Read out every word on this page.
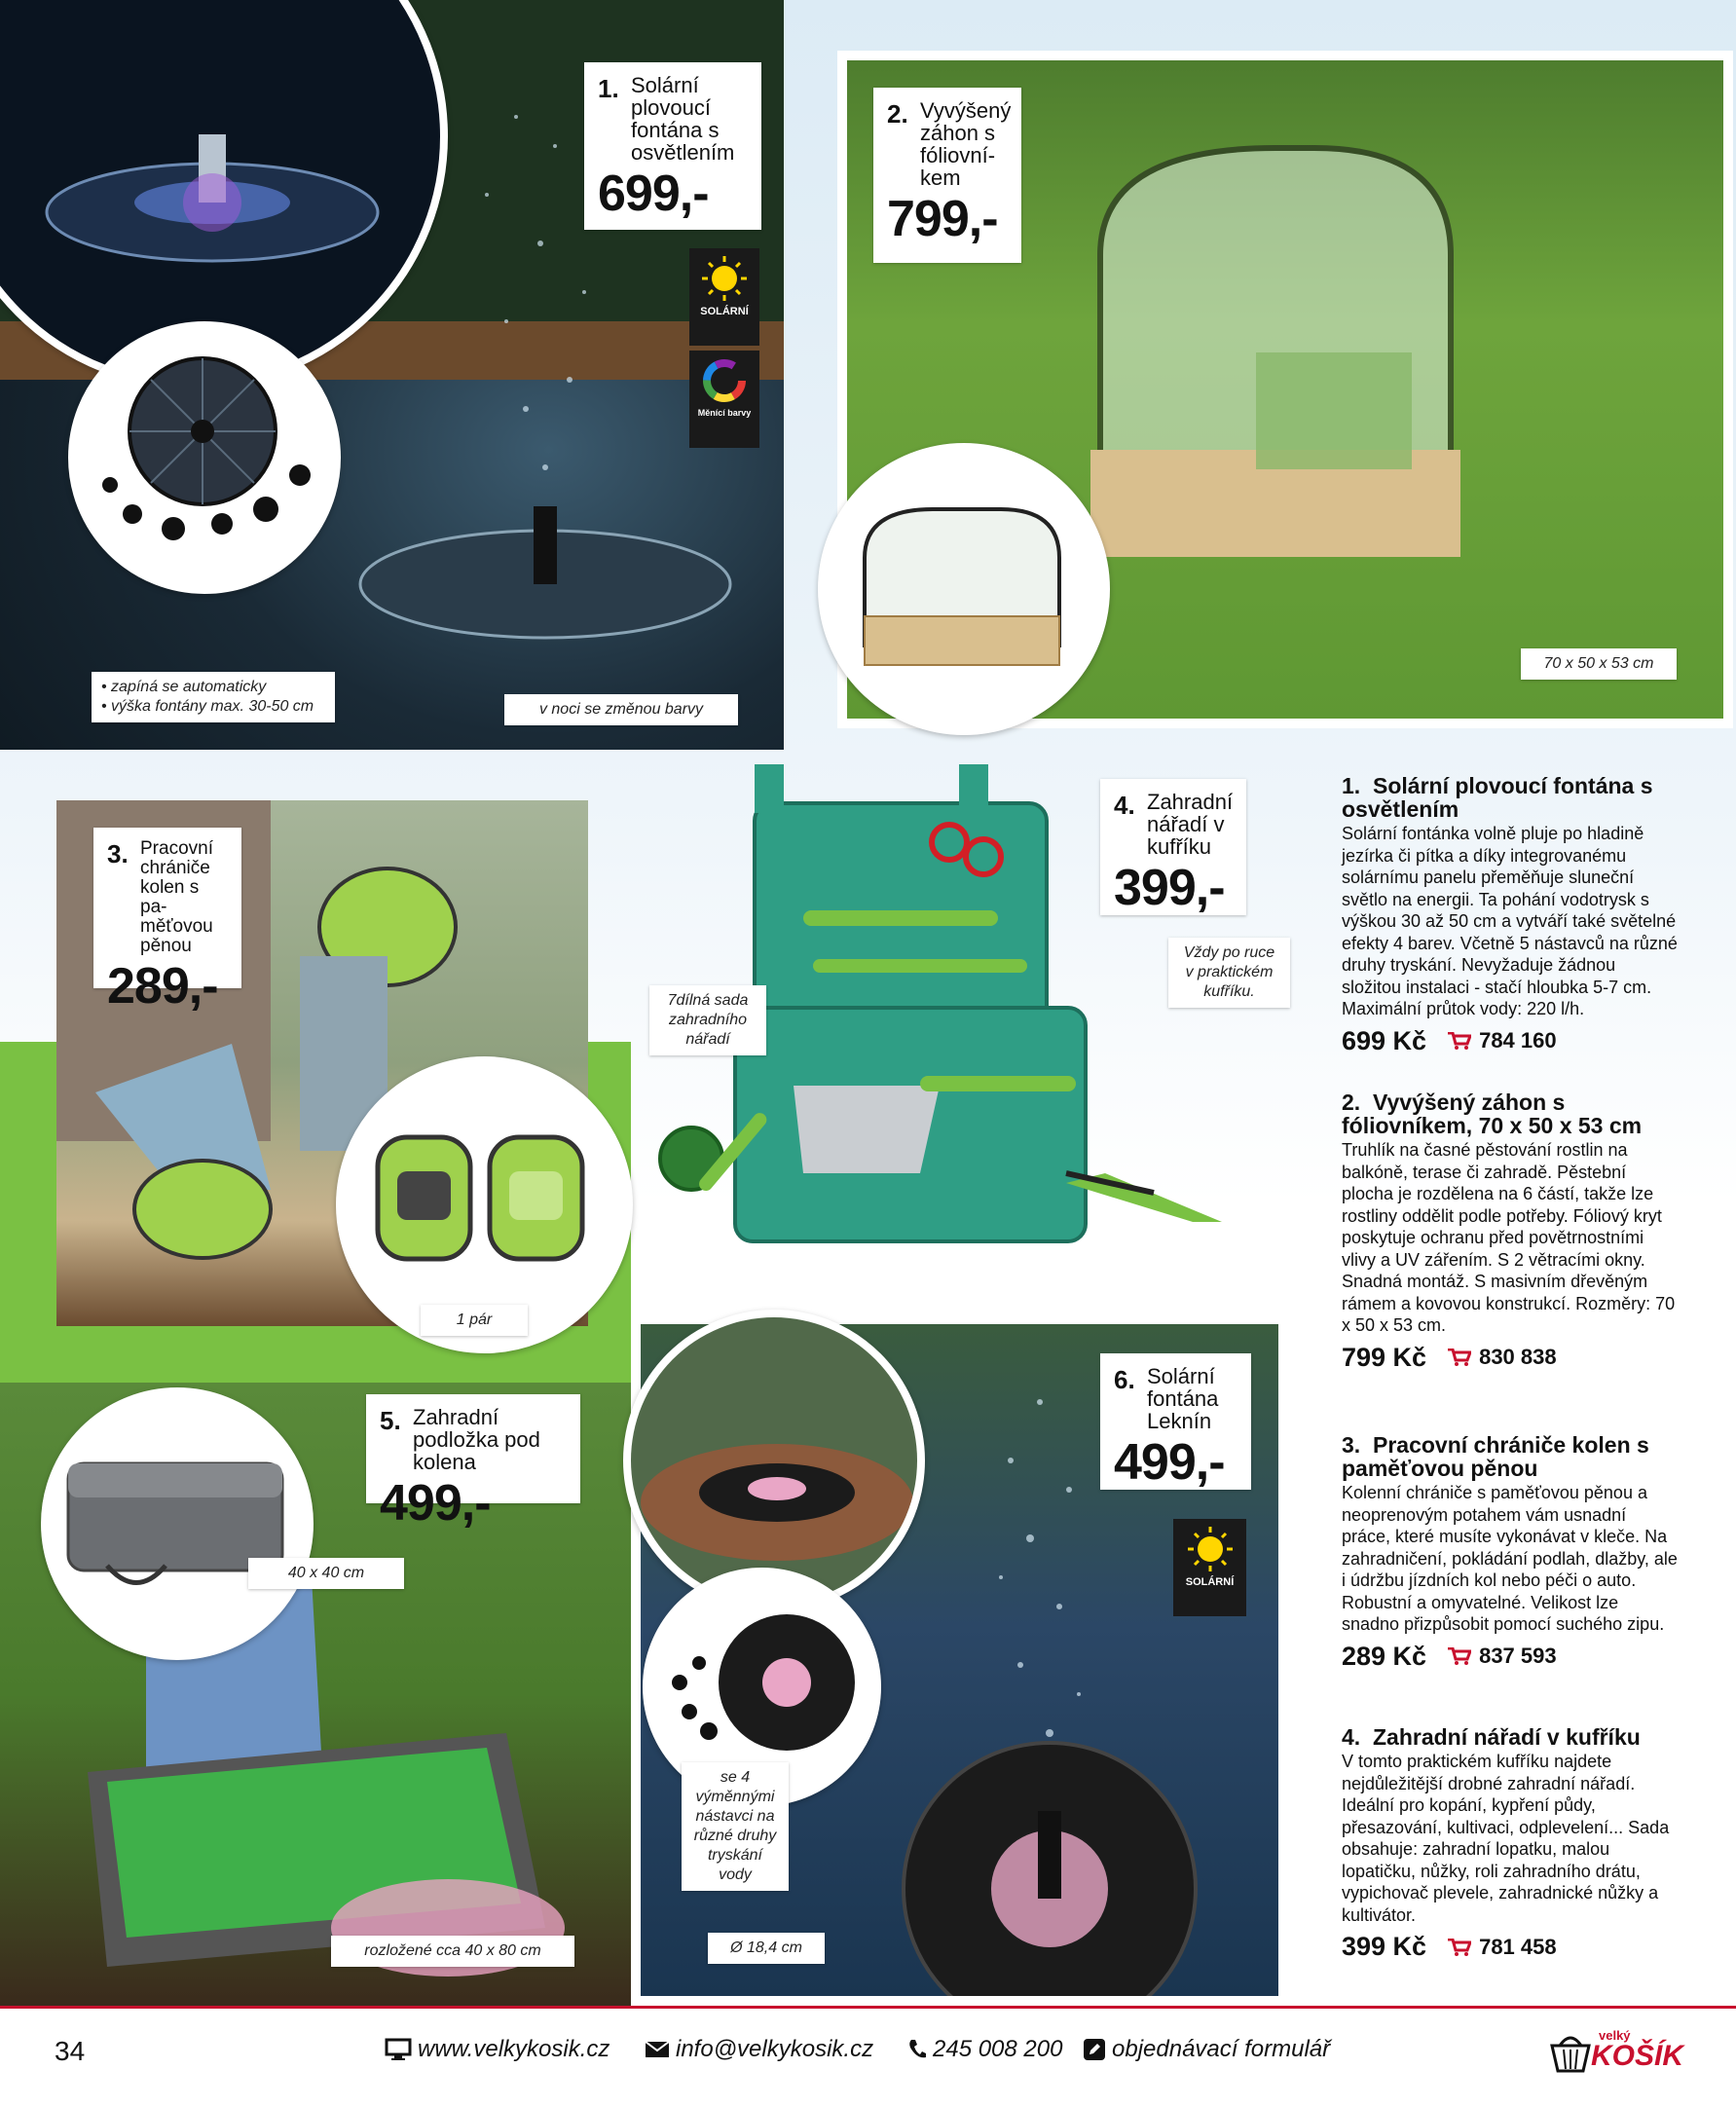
1. Solární plovoucí fontána s osvětlením
699,-
SOLÁRNÍ
Měnící barvy
• zapíná se automaticky
• výška fontány max. 30-50 cm	v noci se změnou barvy
2. Vyvýšený záhon s fóliovní-kem
799,-
70 x 50 x 53 cm
3. Pracovní chrániče kolen s pa-měťovou pěnou
289,-
1 pár
4. Zahradní nářadí v kufříku
399,-
7dílná sada zahradního nářadí
Vždy po ruce v praktickém kufříku.
5. Zahradní podložka pod kolena
499,-
40 x 40 cm
rozložené cca 40 x 80 cm
6. Solární fontána Leknín
499,-
SOLÁRNÍ
se 4 výměnnými nástavci na různé druhy tryskání vody
Ø 18,4 cm
1. Solární plovoucí fontána s osvětlením

Solární fontánka volně pluje po hladině jezírka či pítka a díky integrovanému solárnímu panelu přeměňuje sluneční světlo na energii. Ta pohání vodotrysk s výškou 30 až 50 cm a vytváří také světelné efekty 4 barev. Včetně 5 nástavců na různé druhy tryskání. Nevyžaduje žádnou složitou instalaci - stačí hloubka 5-7 cm. Maximální průtok vody: 220 l/h.

699 Kč 784 160
2. Vyvýšený záhon s fóliovníkem, 70 x 50 x 53 cm

Truhlík na časné pěstování rostlin na balkóně, terase či zahradě. Pěstební plocha je rozdělena na 6 částí, takže lze rostliny oddělit podle potřeby. Fóliový kryt poskytuje ochranu před povětrnostními vlivy a UV zářením. S 2 větracími okny. Snadná montáž. S masivním dřevěným rámem a kovovou konstrukcí. Rozměry: 70 x 50 x 53 cm.

799 Kč 830 838
3. Pracovní chrániče kolen s paměťovou pěnou

Kolenní chrániče s paměťovou pěnou a neoprenovým potahem vám usnadní práce, které musíte vykonávat v kleče. Na zahradničení, pokládání podlah, dlažby, ale i údržbu jízdních kol nebo péči o auto. Robustní a omyvatelné. Velikost lze snadno přizpůsobit pomocí suchého zipu.

289 Kč 837 593
4. Zahradní nářadí v kufříku

V tomto praktickém kufříku najdete nejdůležitější drobné zahradní nářadí. Ideální pro kopání, kypření půdy, přesazování, kultivaci, odplevelení... Sada obsahuje: zahradní lopatku, malou lopatičku, nůžky, roli zahradního drátu, vypichovač plevele, zahradnické nůžky a kultivátor.

399 Kč 781 458
34	www.velkykosik.cz	info@velkykosik.cz	245 008 200 objednávací formulář
velký
KOŠÍK
